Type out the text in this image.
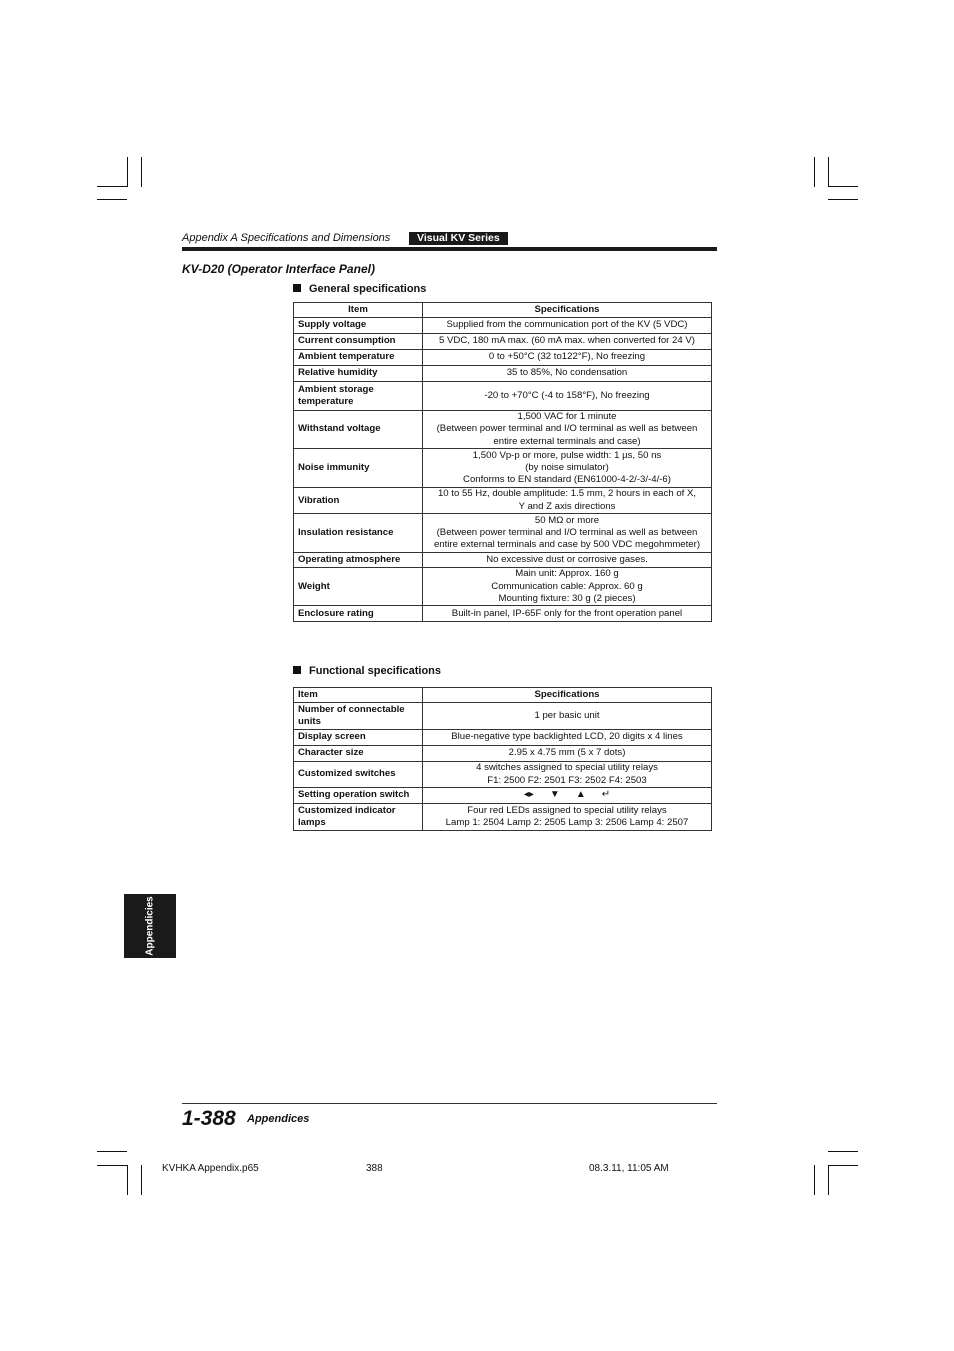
Appendix A Specifications and Dimensions	Visual KV Series
KV-D20 (Operator Interface Panel)
General specifications
Item	Specifications
Supply voltage	Supplied from the communication port of the KV (5 VDC)

Current consumption	5 VDC, 180 mA max. (60 mA max. when converted for 24 V)

Ambient temperature	0 to +50°C (32 to122°F), No freezing

Relative humidity	35 to 85%, No condensation

Ambient storage temperature	-20 to +70°C (-4 to 158°F), No freezing

Withstand voltage	1,500 VAC for 1 minute
(Between power terminal and I/O terminal as well as between
entire external terminals and case)

Noise immunity	1,500 Vp-p or more, pulse width: 1 µs, 50 ns
(by noise simulator)
Conforms to EN standard (EN61000-4-2/-3/-4/-6)

Vibration	10 to 55 Hz, double amplitude: 1.5 mm, 2 hours in each of X,
Y and Z axis directions

Insulation resistance	50 MΩ or more
(Between power terminal and I/O terminal as well as between
entire external terminals and case by 500 VDC megohmmeter)

Operating atmosphere	No excessive dust or corrosive gases.

Weight	Main unit: Approx. 160 g
Communication cable: Approx. 60 g
Mounting fixture: 30 g (2 pieces)

Enclosure rating	Built-in panel, IP-65F only for the front operation panel
Functional specifications
Item	Specifications
Number of connectable units	1 per basic unit

Display screen	Blue-negative type backlighted LCD, 20 digits x 4 lines

Character size	2.95 x 4.75 mm (5 x 7 dots)

Customized switches	4 switches assigned to special utility relays
F1: 2500 F2: 2501 F3: 2502 F4: 2503

Setting operation switch	◂▸ ▼ ▲ ↵
Customized indicator lamps	Four red LEDs assigned to special utility relays
Lamp 1: 2504 Lamp 2: 2505 Lamp 3: 2506 Lamp 4: 2507
Appendicies
1-388 Appendices
KVHKA Appendix.p65	388	08.3.11, 11:05 AM
